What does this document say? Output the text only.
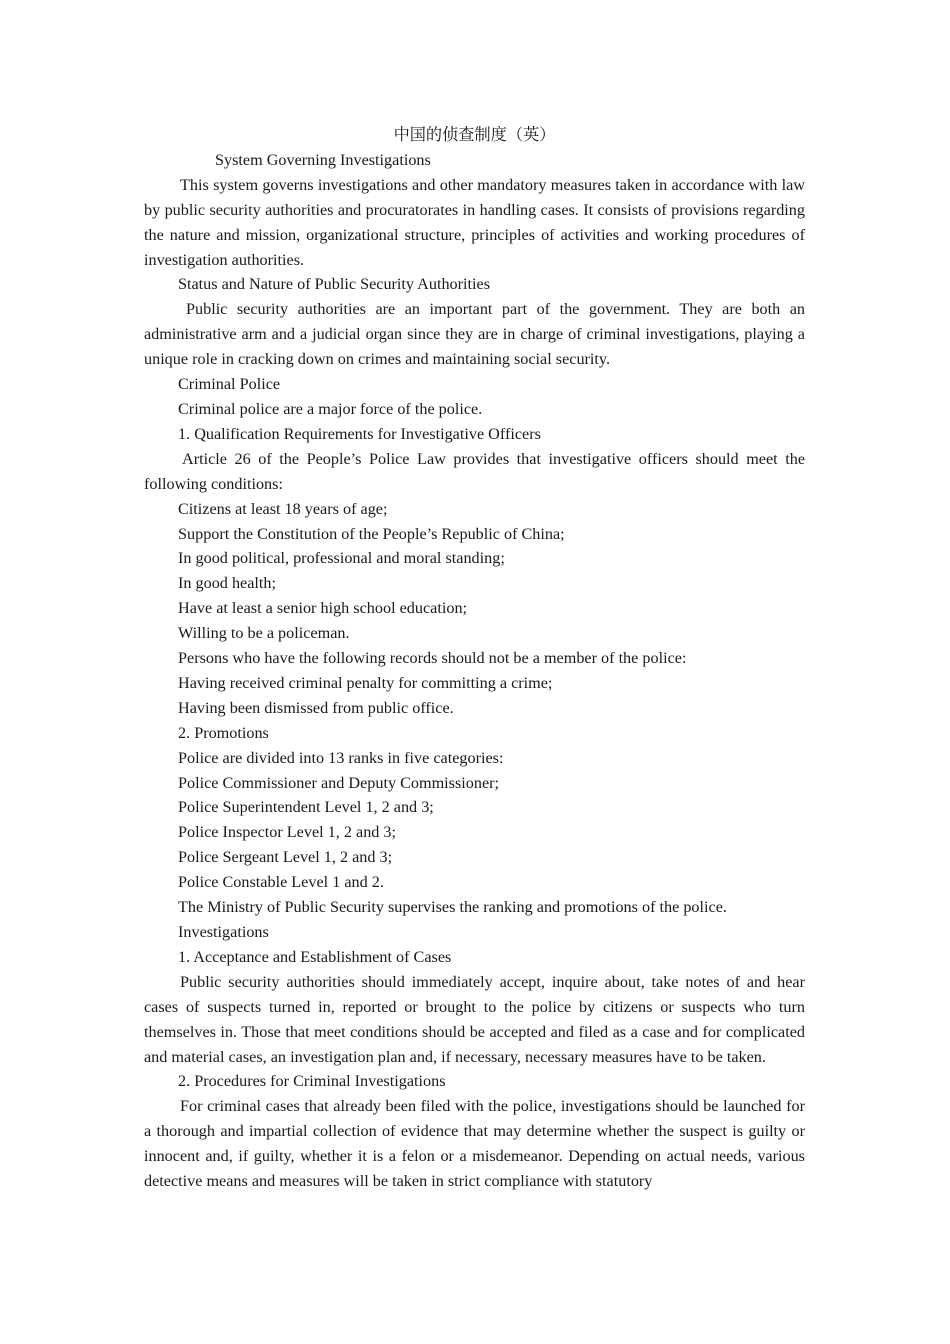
中国的侦查制度（英）

System Governing Investigations

This system governs investigations and other mandatory measures taken in accordance with law by public security authorities and procuratorates in handling cases. It consists of provisions regarding the nature and mission, organizational structure, principles of activities and working procedures of investigation authorities.

Status and Nature of Public Security Authorities

Public security authorities are an important part of the government. They are both an administrative arm and a judicial organ since they are in charge of criminal investigations, playing a unique role in cracking down on crimes and maintaining social security.

Criminal Police

Criminal police are a major force of the police.

1. Qualification Requirements for Investigative Officers

Article 26 of the People’s Police Law provides that investigative officers should meet the following conditions:

Citizens at least 18 years of age;

Support the Constitution of the People’s Republic of China;

In good political, professional and moral standing;

In good health;

Have at least a senior high school education;

Willing to be a policeman.

Persons who have the following records should not be a member of the police:

Having received criminal penalty for committing a crime;

Having been dismissed from public office.

2. Promotions

Police are divided into 13 ranks in five categories:

Police Commissioner and Deputy Commissioner;

Police Superintendent Level 1, 2 and 3;

Police Inspector Level 1, 2 and 3;

Police Sergeant Level 1, 2 and 3;

Police Constable Level 1 and 2.

The Ministry of Public Security supervises the ranking and promotions of the police.

Investigations

1. Acceptance and Establishment of Cases

Public security authorities should immediately accept, inquire about, take notes of and hear cases of suspects turned in, reported or brought to the police by citizens or suspects who turn themselves in. Those that meet conditions should be accepted and filed as a case and for complicated and material cases, an investigation plan and, if necessary, necessary measures have to be taken.

2. Procedures for Criminal Investigations

For criminal cases that already been filed with the police, investigations should be launched for a thorough and impartial collection of evidence that may determine whether the suspect is guilty or innocent and, if guilty, whether it is a felon or a misdemeanor. Depending on actual needs, various detective means and measures will be taken in strict compliance with statutory
